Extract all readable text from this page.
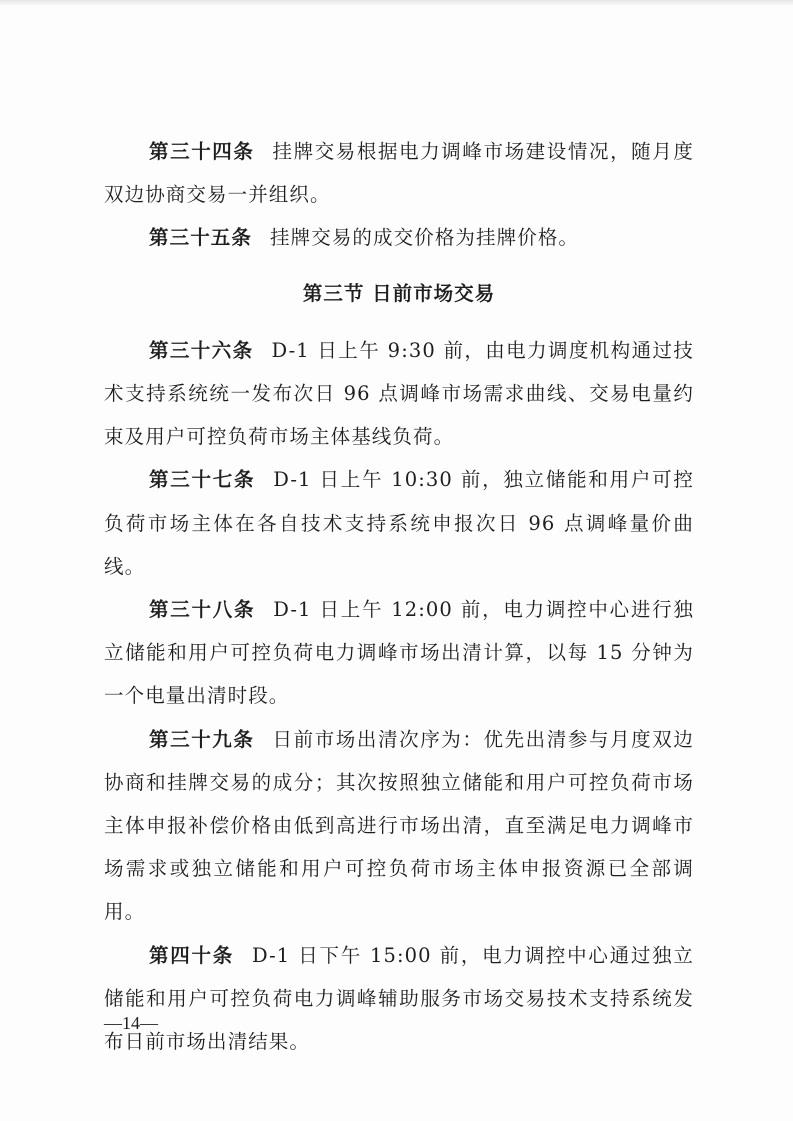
第三十四条 挂牌交易根据电力调峰市场建设情况，随月度双边协商交易一并组织。

第三十五条 挂牌交易的成交价格为挂牌价格。

第三节 日前市场交易

第三十六条 D-1 日上午 9:30 前，由电力调度机构通过技术支持系统统一发布次日 96 点调峰市场需求曲线、交易电量约束及用户可控负荷市场主体基线负荷。

第三十七条 D-1 日上午 10:30 前，独立储能和用户可控负荷市场主体在各自技术支持系统申报次日 96 点调峰量价曲线。

第三十八条 D-1 日上午 12:00 前，电力调控中心进行独立储能和用户可控负荷电力调峰市场出清计算，以每 15 分钟为一个电量出清时段。

第三十九条 日前市场出清次序为：优先出清参与月度双边协商和挂牌交易的成分；其次按照独立储能和用户可控负荷市场主体申报补偿价格由低到高进行市场出清，直至满足电力调峰市场需求或独立储能和用户可控负荷市场主体申报资源已全部调用。

第四十条 D-1 日下午 15:00 前，电力调控中心通过独立储能和用户可控负荷电力调峰辅助服务市场交易技术支持系统发布日前市场出清结果。

—14—
